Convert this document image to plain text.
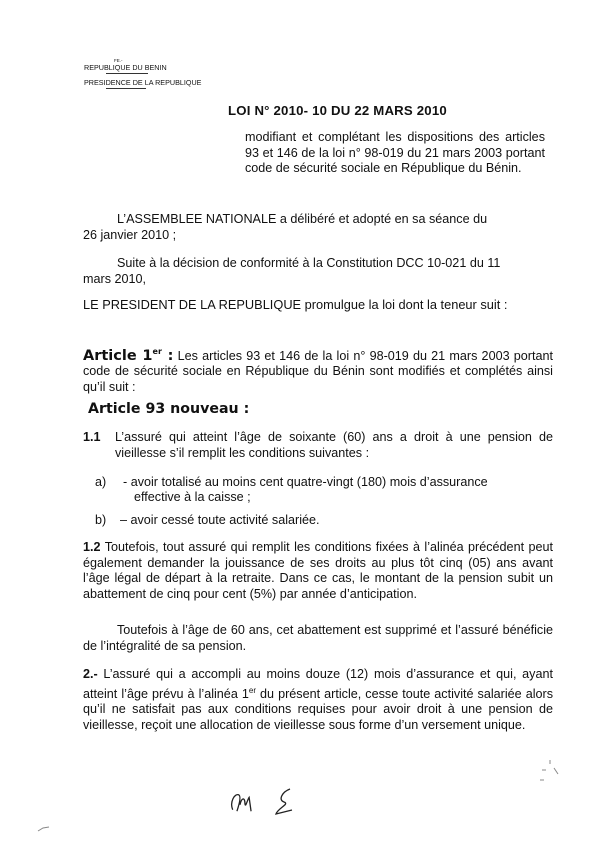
FE.-
REPUBLIQUE DU BENIN
PRESIDENCE DE LA REPUBLIQUE
LOI N° 2010- 10 DU 22 MARS 2010
modifiant et complétant les dispositions des articles 93 et 146 de la loi n° 98-019 du 21 mars 2003 portant code de sécurité sociale en République du Bénin.
L’ASSEMBLEE NATIONALE a délibéré et adopté en sa séance du
26 janvier 2010 ;
Suite à la décision de conformité à la Constitution DCC 10-021 du 11
mars 2010,
LE PRESIDENT DE LA REPUBLIQUE promulgue la loi dont la teneur suit :
Article 1er : Les articles 93 et 146 de la loi n° 98-019 du 21 mars 2003 portant code de sécurité sociale en République du Bénin sont modifiés et complétés ainsi qu’il suit :
Article 93 nouveau :
1.1 L’assuré qui atteint l’âge de soixante (60) ans a droit à une pension de vieillesse s’il remplit les conditions suivantes :
a) - avoir totalisé au moins cent quatre-vingt (180) mois d’assurance
effective à la caisse ;
b) – avoir cessé toute activité salariée.
1.2 Toutefois, tout assuré qui remplit les conditions fixées à l’alinéa précédent peut également demander la jouissance de ses droits au plus tôt cinq (05) ans avant l’âge légal de départ à la retraite. Dans ce cas, le montant de la pension subit un abattement de cinq pour cent (5%) par année d’anticipation.
Toutefois à l’âge de 60 ans, cet abattement est supprimé et l’assuré bénéficie de l’intégralité de sa pension.
2.- L’assuré qui a accompli au moins douze (12) mois d’assurance et qui, ayant atteint l’âge prévu à l’alinéa 1er du présent article, cesse toute activité salariée alors qu’il ne satisfait pas aux conditions requises pour avoir droit à une pension de vieillesse, reçoit une allocation de vieillesse sous forme d’un versement unique.
